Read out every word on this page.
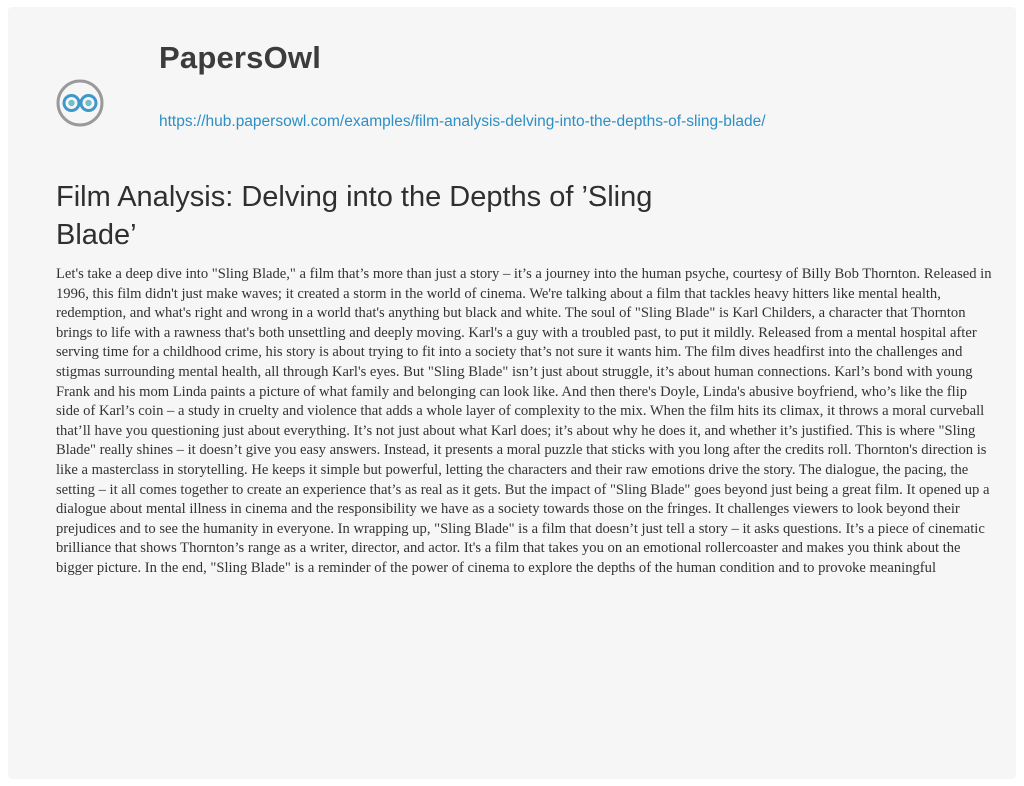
PapersOwl
https://hub.papersowl.com/examples/film-analysis-delving-into-the-depths-of-sling-blade/
Film Analysis: Delving into the Depths of ’Sling Blade’

Let's take a deep dive into "Sling Blade," a film that’s more than just a story – it’s a journey into the human psyche, courtesy of Billy Bob Thornton. Released in 1996, this film didn't just make waves; it created a storm in the world of cinema. We're talking about a film that tackles heavy hitters like mental health, redemption, and what's right and wrong in a world that's anything but black and white. The soul of "Sling Blade" is Karl Childers, a character that Thornton brings to life with a rawness that's both unsettling and deeply moving. Karl's a guy with a troubled past, to put it mildly. Released from a mental hospital after serving time for a childhood crime, his story is about trying to fit into a society that’s not sure it wants him. The film dives headfirst into the challenges and stigmas surrounding mental health, all through Karl's eyes. But "Sling Blade" isn’t just about struggle, it’s about human connections. Karl’s bond with young Frank and his mom Linda paints a picture of what family and belonging can look like. And then there's Doyle, Linda's abusive boyfriend, who’s like the flip side of Karl’s coin – a study in cruelty and violence that adds a whole layer of complexity to the mix. When the film hits its climax, it throws a moral curveball that’ll have you questioning just about everything. It’s not just about what Karl does; it’s about why he does it, and whether it’s justified. This is where "Sling Blade" really shines – it doesn’t give you easy answers. Instead, it presents a moral puzzle that sticks with you long after the credits roll. Thornton's direction is like a masterclass in storytelling. He keeps it simple but powerful, letting the characters and their raw emotions drive the story. The dialogue, the pacing, the setting – it all comes together to create an experience that’s as real as it gets. But the impact of "Sling Blade" goes beyond just being a great film. It opened up a dialogue about mental illness in cinema and the responsibility we have as a society towards those on the fringes. It challenges viewers to look beyond their prejudices and to see the humanity in everyone. In wrapping up, "Sling Blade" is a film that doesn’t just tell a story – it asks questions. It’s a piece of cinematic brilliance that shows Thornton’s range as a writer, director, and actor. It's a film that takes you on an emotional rollercoaster and makes you think about the bigger picture. In the end, "Sling Blade" is a reminder of the power of cinema to explore the depths of the human condition and to provoke meaningful
